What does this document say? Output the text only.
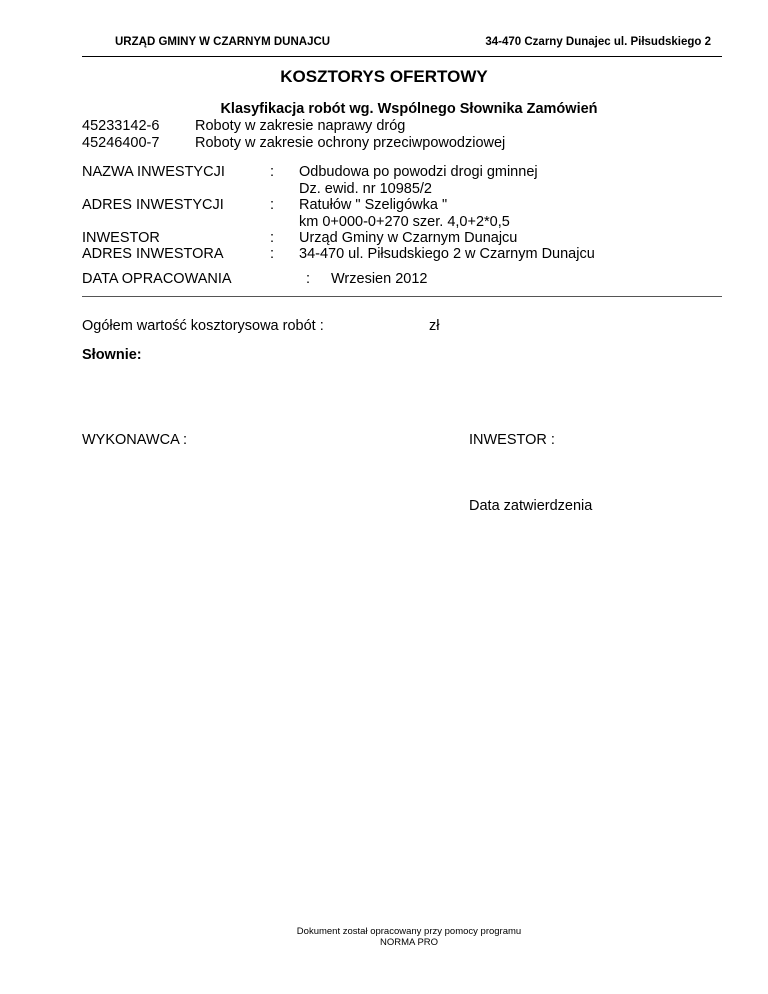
URZĄD GMINY W CZARNYM DUNAJCU	34-470 Czarny Dunajec ul. Piłsudskiego 2
KOSZTORYS OFERTOWY
Klasyfikacja robót wg. Wspólnego Słownika Zamówień
45233142-6 Roboty w zakresie naprawy dróg
45246400-7 Roboty w zakresie ochrony przeciwpowodziowej
NAZWA INWESTYCJI	: Odbudowa po powodzi drogi gminnej
Dz. ewid. nr 10985/2
ADRES INWESTYCJI	: Ratułów " Szeligówka "
km 0+000-0+270 szer. 4,0+2*0,5
INWESTOR	: Urząd Gminy w Czarnym Dunajcu
ADRES INWESTORA	: 34-470 ul. Piłsudskiego 2 w Czarnym Dunajcu
DATA OPRACOWANIA	: Wrzesien 2012
Ogółem wartość kosztorysowa robót :	zł
Słownie:
WYKONAWCA :	INWESTOR :
Data zatwierdzenia
Dokument został opracowany przy pomocy programu
NORMA PRO
